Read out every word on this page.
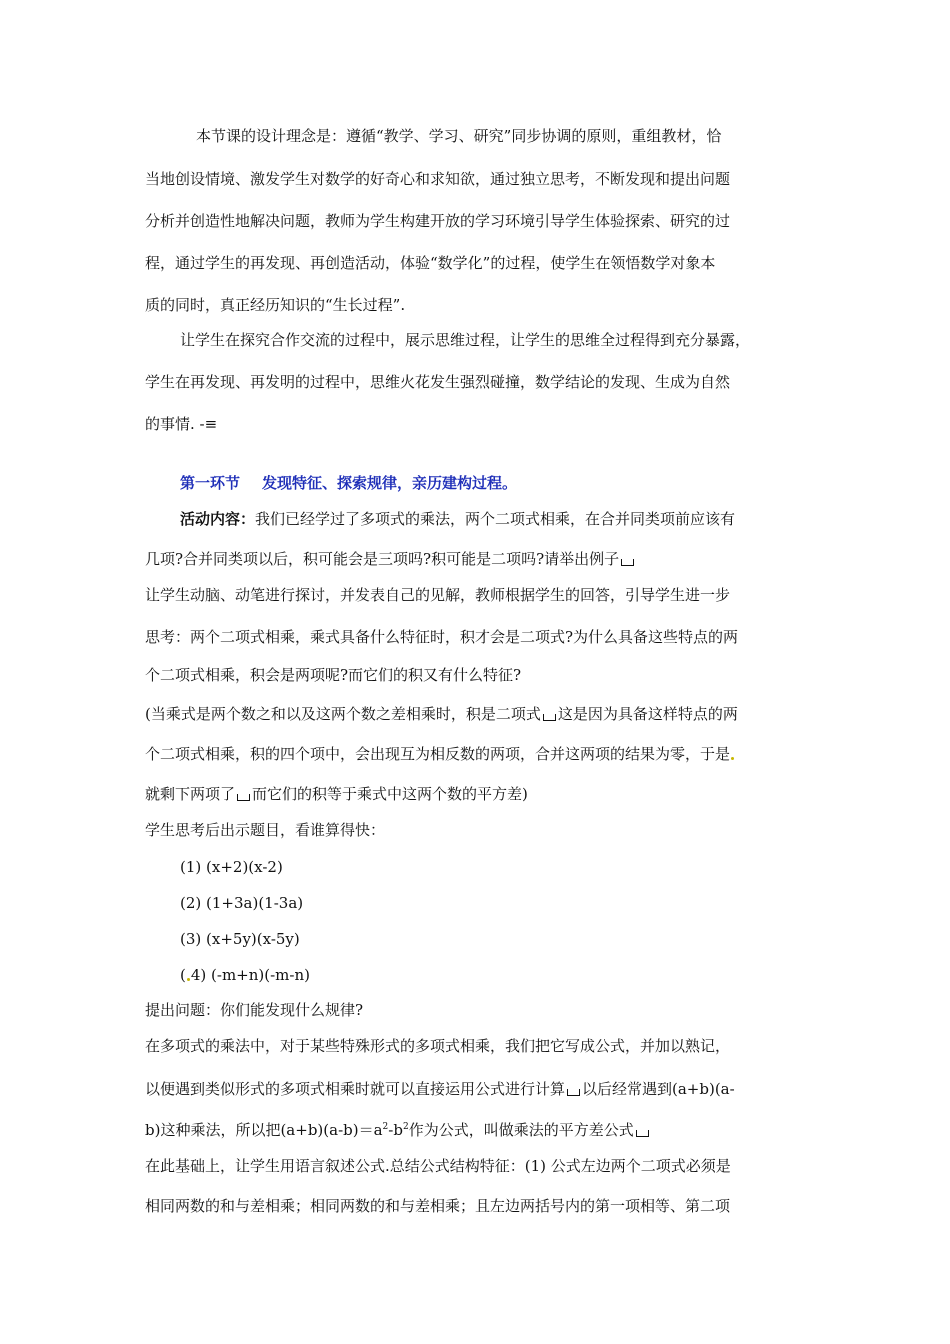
本节课的设计理念是：遵循“教学、学习、研究”同步协调的原则，重组教材，恰
当地创设情境、激发学生对数学的好奇心和求知欲，通过独立思考，不断发现和提出问题
分析并创造性地解决问题，教师为学生构建开放的学习环境引导学生体验探索、研究的过
程，通过学生的再发现、再创造活动，体验“数学化”的过程，使学生在领悟数学对象本
质的同时，真正经历知识的“生长过程”.
让学生在探究合作交流的过程中，展示思维过程，让学生的思维全过程得到充分暴露，
学生在再发现、再发明的过程中，思维火花发生强烈碰撞，数学结论的发现、生成为自然
的事情. -≡
第一环节 发现特征、探索规律，亲历建构过程。
活动内容：我们已经学过了多项式的乘法，两个二项式相乘，在合并同类项前应该有
几项?合并同类项以后，积可能会是三项吗?积可能是二项吗?请举出例子
让学生动脑、动笔进行探讨，并发表自己的见解，教师根据学生的回答，引导学生进一步
思考：两个二项式相乘，乘式具备什么特征时，积才会是二项式?为什么具备这些特点的两
个二项式相乘，积会是两项呢?而它们的积又有什么特征?
(当乘式是两个数之和以及这两个数之差相乘时，积是二项式 这是因为具备这样特点的两
个二项式相乘，积的四个项中，会出现互为相反数的两项，合并这两项的结果为零，于是
就剩下两项了 而它们的积等于乘式中这两个数的平方差)
学生思考后出示题目，看谁算得快：
(1) (x+2)(x-2)
(2) (1+3a)(1-3a)
(3) (x+5y)(x-5y)
( 4) (-m+n)(-m-n)
提出问题：你们能发现什么规律?
在多项式的乘法中，对于某些特殊形式的多项式相乘，我们把它写成公式，并加以熟记，
以便遇到类似形式的多项式相乘时就可以直接运用公式进行计算 以后经常遇到(a+b)(a-
b)这种乘法，所以把$(a+b)(a-b)=a^2-b^2$作为公式，叫做乘法的平方差公式
在此基础上，让学生用语言叙述公式.总结公式结构特征：(1) 公式左边两个二项式必须是
相同两数的和与差相乘；相同两数的和与差相乘；且左边两括号内的第一项相等、第二项
